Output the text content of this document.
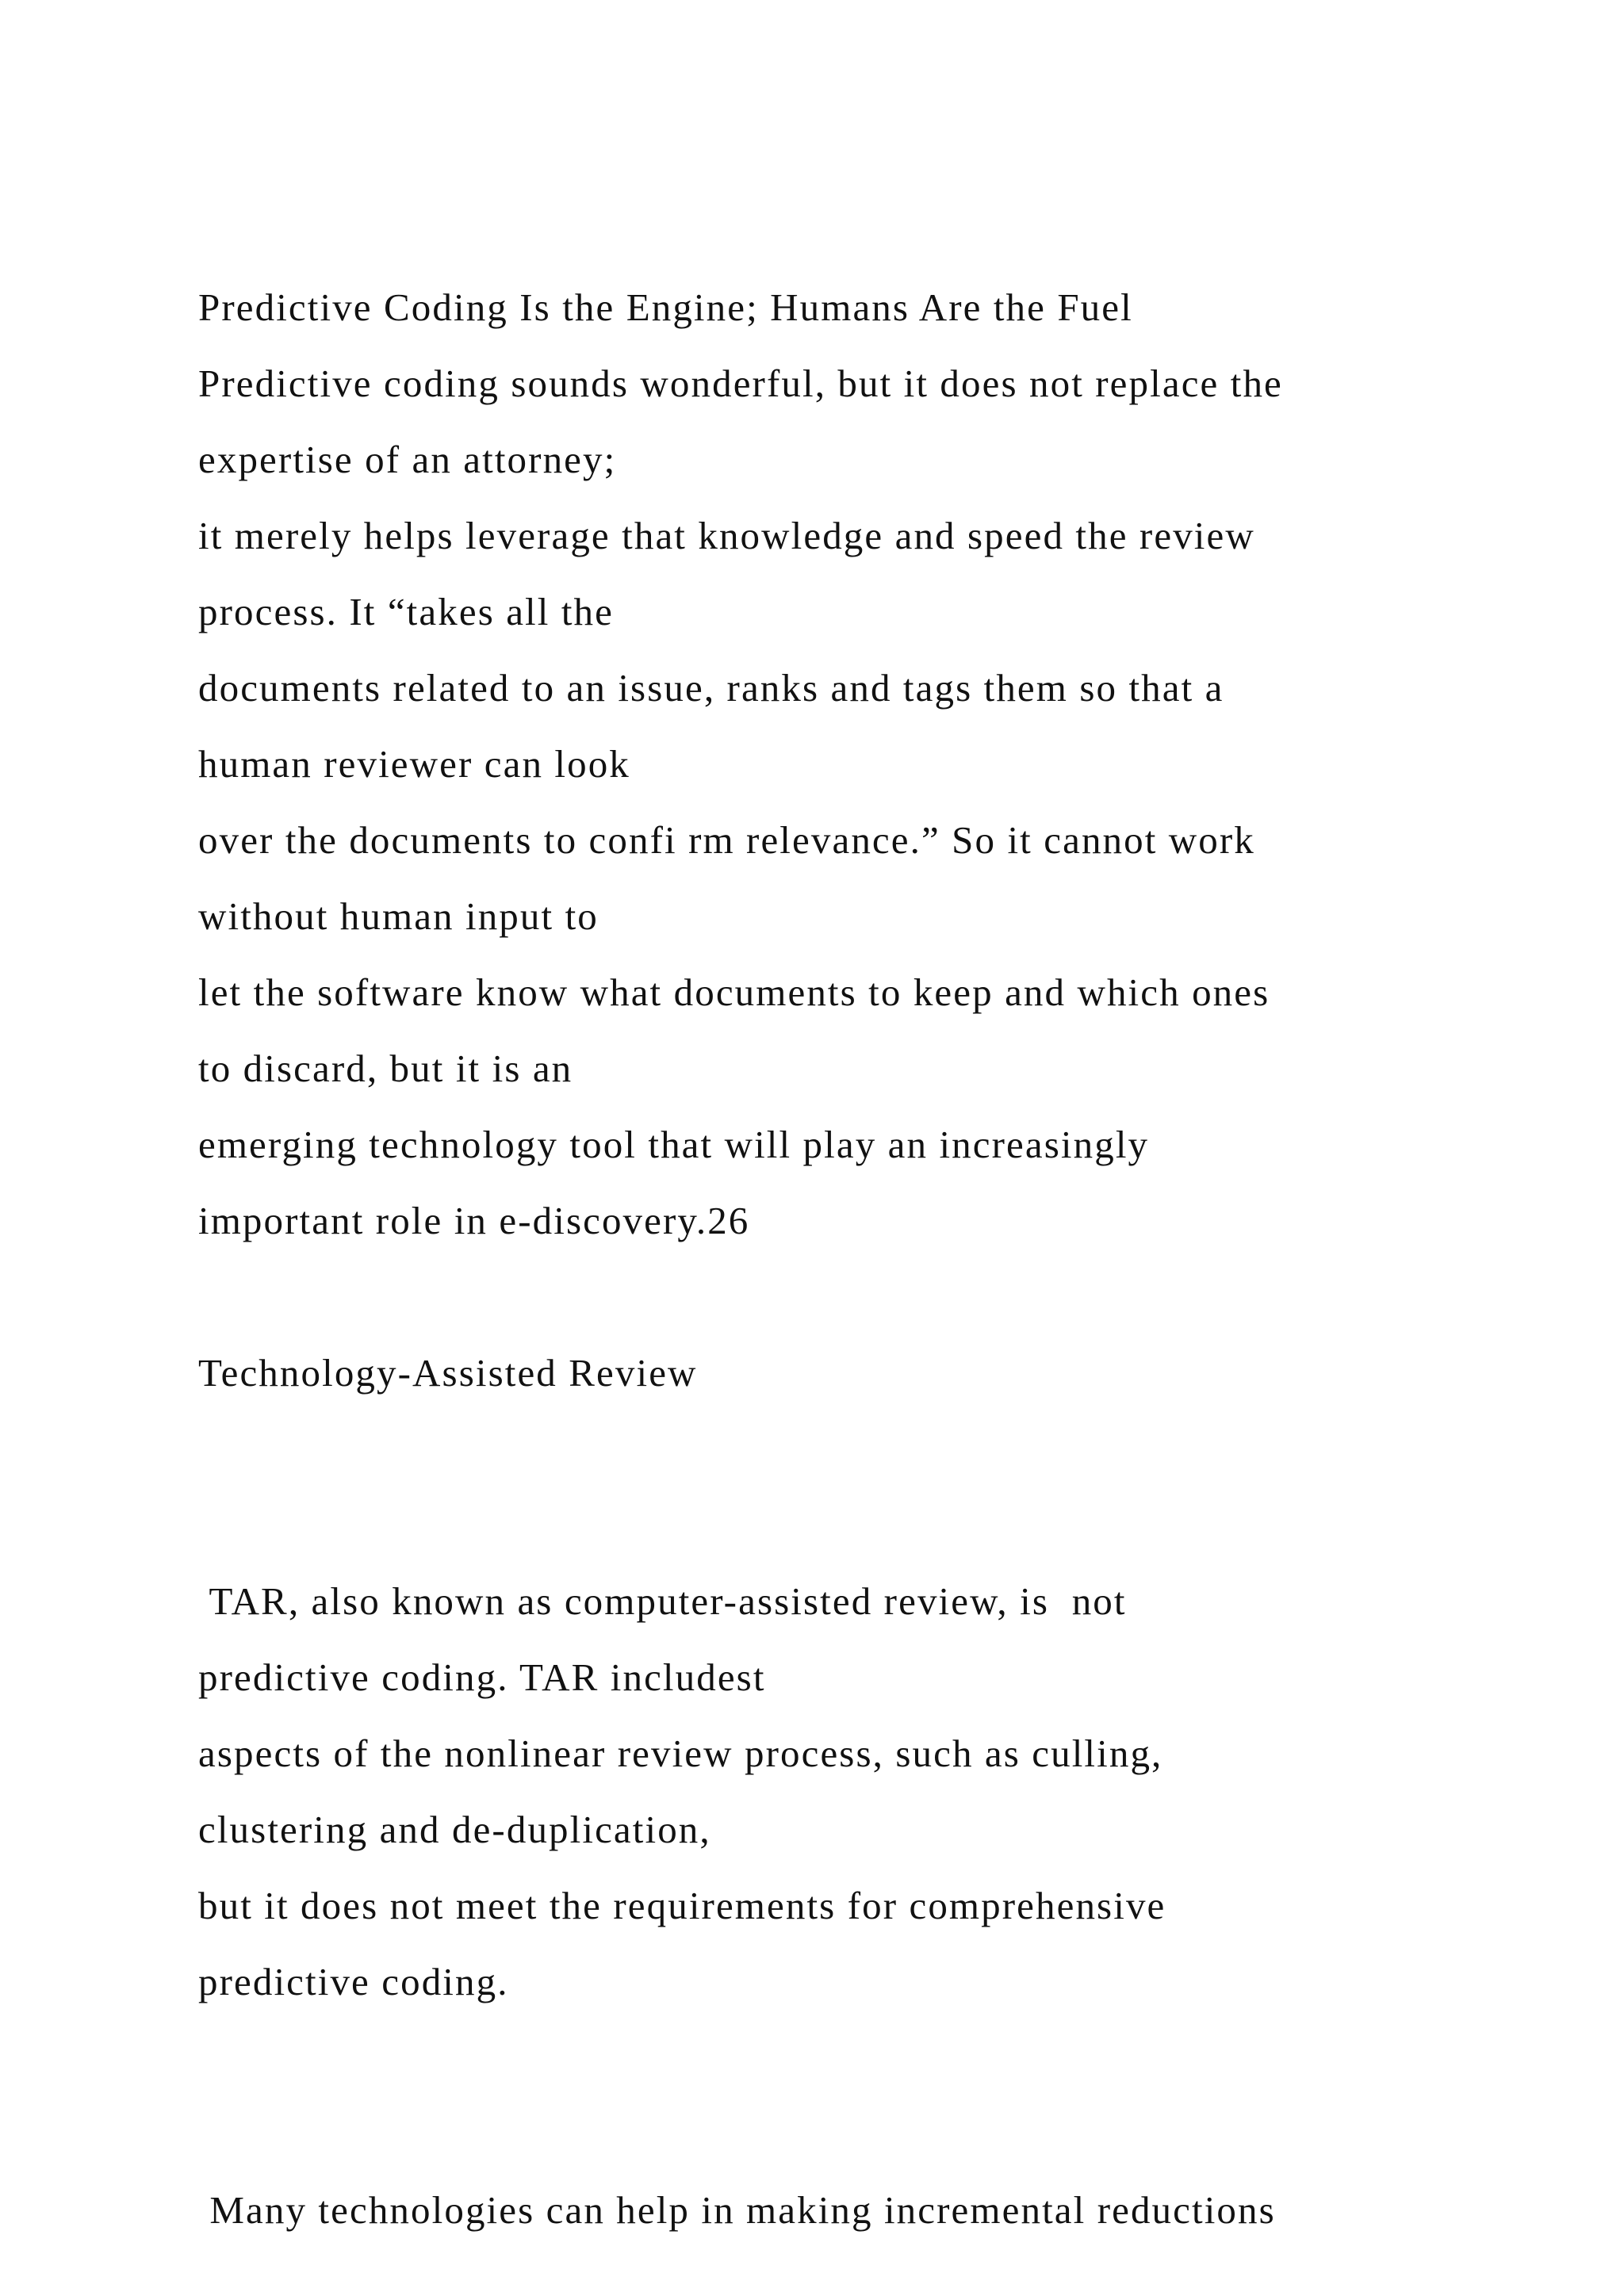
Predictive Coding Is the Engine; Humans Are the Fuel
Predictive coding sounds wonderful, but it does not replace the
expertise of an attorney;
it merely helps leverage that knowledge and speed the review
process. It “takes all the
documents related to an issue, ranks and tags them so that a
human reviewer can look
over the documents to confi rm relevance.” So it cannot work
without human input to
let the software know what documents to keep and which ones
to discard, but it is an
emerging technology tool that will play an increasingly
important role in e-discovery.26
Technology-Assisted Review
TAR, also known as computer-assisted review, is  not
predictive coding. TAR includest
aspects of the nonlinear review process, such as culling,
clustering and de-duplication,
but it does not meet the requirements for comprehensive
predictive coding.
Many technologies can help in making incremental reductions
